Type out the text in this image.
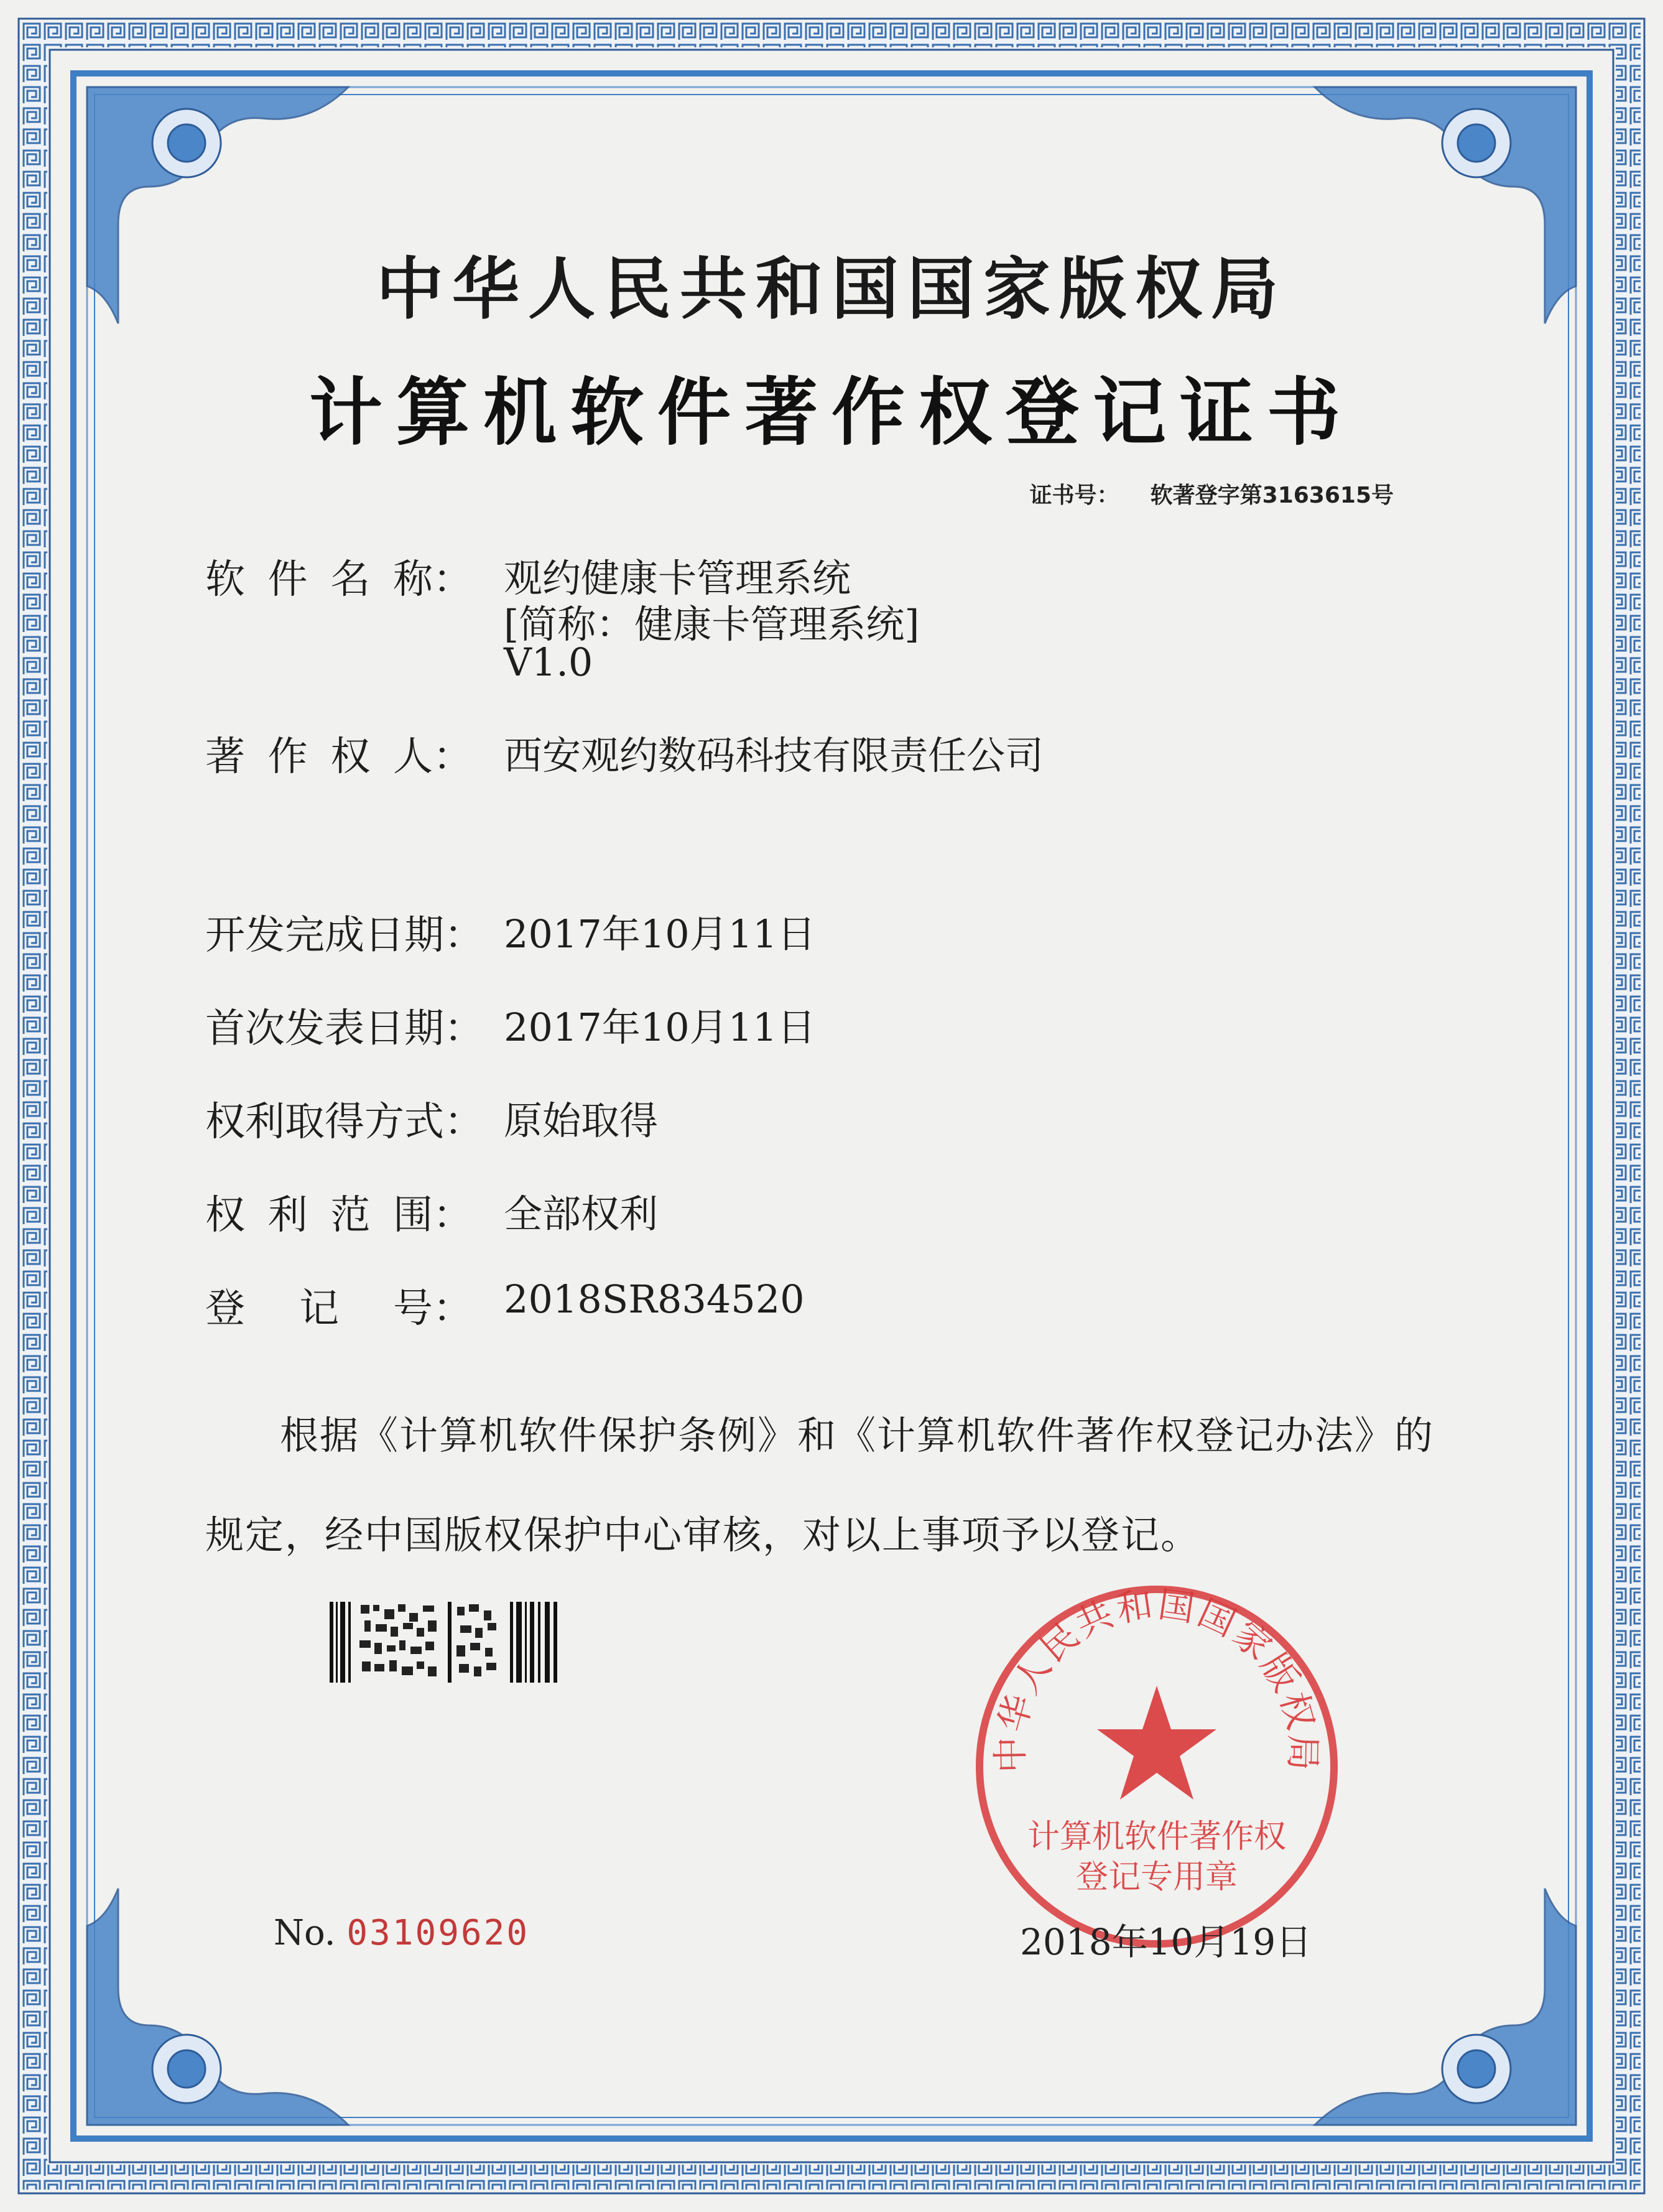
中华人民共和国国家版权局
计算机软件著作权登记证书
证书号： 软著登字第3163615号
软 件 名 称： 观约健康卡管理系统
[简称：健康卡管理系统]
V1.0
著 作 权 人： 西安观约数码科技有限责任公司
开 发 完 成 日 期： 2017年10月11日
首 次 发 表 日 期： 2017年10月11日
权 利 取 得 方 式： 原始取得
权 利 范 围： 全部权利
登 记 号： 2018SR834520
根据《计算机软件保护条例》和《计算机软件著作权登记办法》的
规定，经中国版权保护中心审核，对以上事项予以登记。
No. 03109620
中华人民共和国国家版权局
计算机软件著作权
登记专用章
2018年10月19日
